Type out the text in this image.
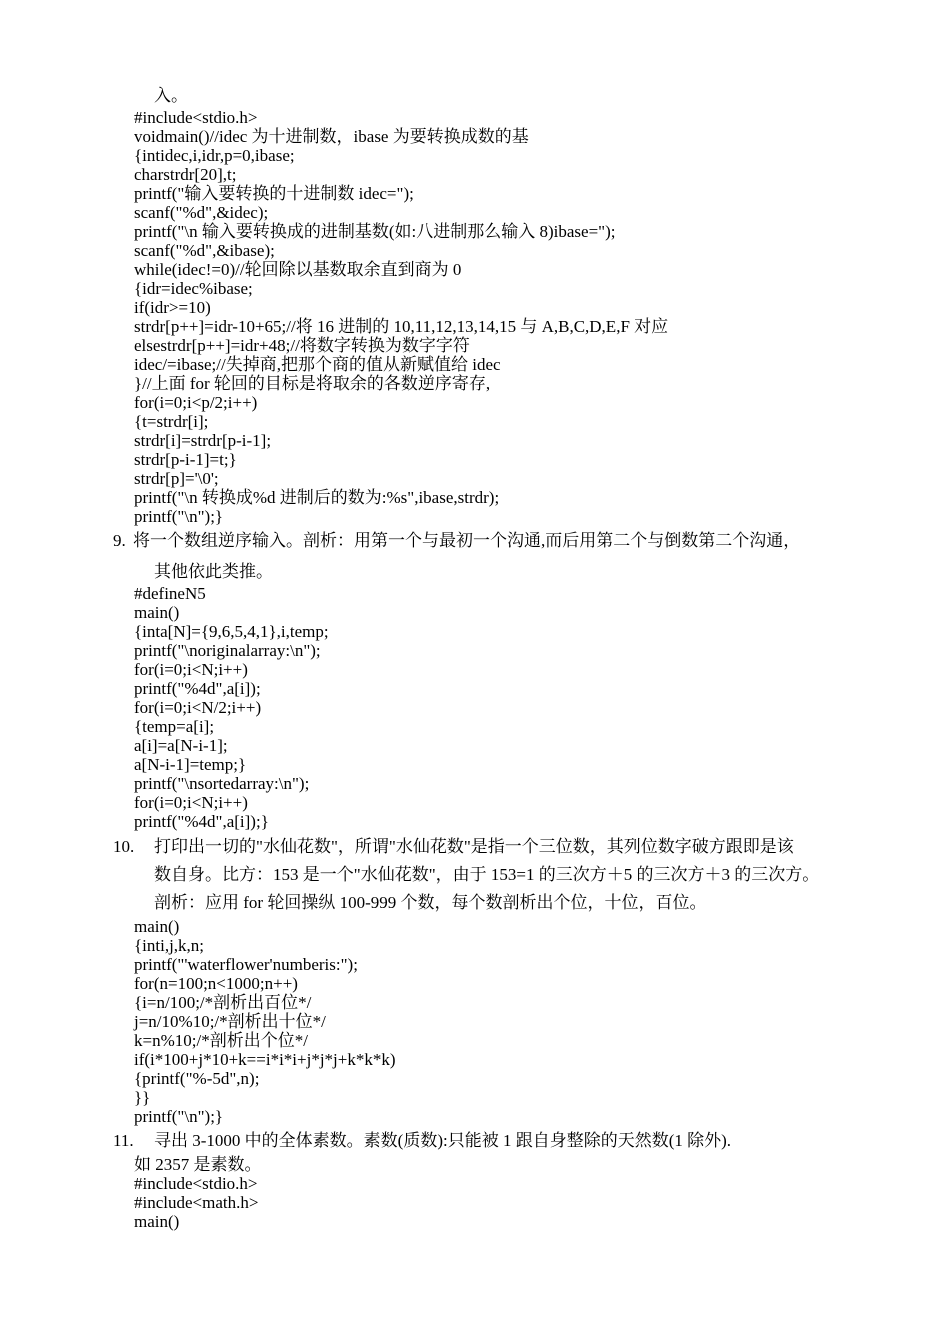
入。
#include<stdio.h>
voidmain()//idec 为十进制数，ibase 为要转换成数的基
{intidec,i,idr,p=0,ibase;
charstrdr[20],t;
printf("输入要转换的十进制数 idec=");
scanf("%d",&idec);
printf("\n 输入要转换成的进制基数(如:八进制那么输入 8)ibase=");
scanf("%d",&ibase);
while(idec!=0)//轮回除以基数取余直到商为 0
{idr=idec%ibase;
if(idr>=10)
strdr[p++]=idr-10+65;//将 16 进制的 10,11,12,13,14,15 与 A,B,C,D,E,F 对应
elsestrdr[p++]=idr+48;//将数字转换为数字字符
idec/=ibase;//失掉商,把那个商的值从新赋值给 idec
}//上面 for 轮回的目标是将取余的各数逆序寄存,
for(i=0;i<p/2;i++)
{t=strdr[i];
strdr[i]=strdr[p-i-1];
strdr[p-i-1]=t;}
strdr[p]='\0';
printf("\n 转换成%d 进制后的数为:%s",ibase,strdr);
printf("\n");}
9. 将一个数组逆序输入。剖析：用第一个与最初一个沟通,而后用第二个与倒数第二个沟通，
其他依此类推。
#defineN5
main()
{inta[N]={9,6,5,4,1},i,temp;
printf("\noriginalarray:\n");
for(i=0;i<N;i++)
printf("%4d",a[i]);
for(i=0;i<N/2;i++)
{temp=a[i];
a[i]=a[N-i-1];
a[N-i-1]=temp;}
printf("\nsortedarray:\n");
for(i=0;i<N;i++)
printf("%4d",a[i]);}
10. 打印出一切的"水仙花数"，所谓"水仙花数"是指一个三位数，其列位数字破方跟即是该
数自身。比方：153 是一个"水仙花数"，由于 153=1 的三次方＋5 的三次方＋3 的三次方。
剖析：应用 for 轮回操纵 100-999 个数，每个数剖析出个位，十位，百位。
main()
{inti,j,k,n;
printf("'waterflower'numberis:");
for(n=100;n<1000;n++)
{i=n/100;/*剖析出百位*/
j=n/10%10;/*剖析出十位*/
k=n%10;/*剖析出个位*/
if(i*100+j*10+k==i*i*i+j*j*j+k*k*k)
{printf("%-5d",n);
}}
printf("\n");}
11. 寻出 3-1000 中的全体素数。素数(质数):只能被 1 跟自身整除的天然数(1 除外).
如 2357 是素数。
#include<stdio.h>
#include<math.h>
main()
